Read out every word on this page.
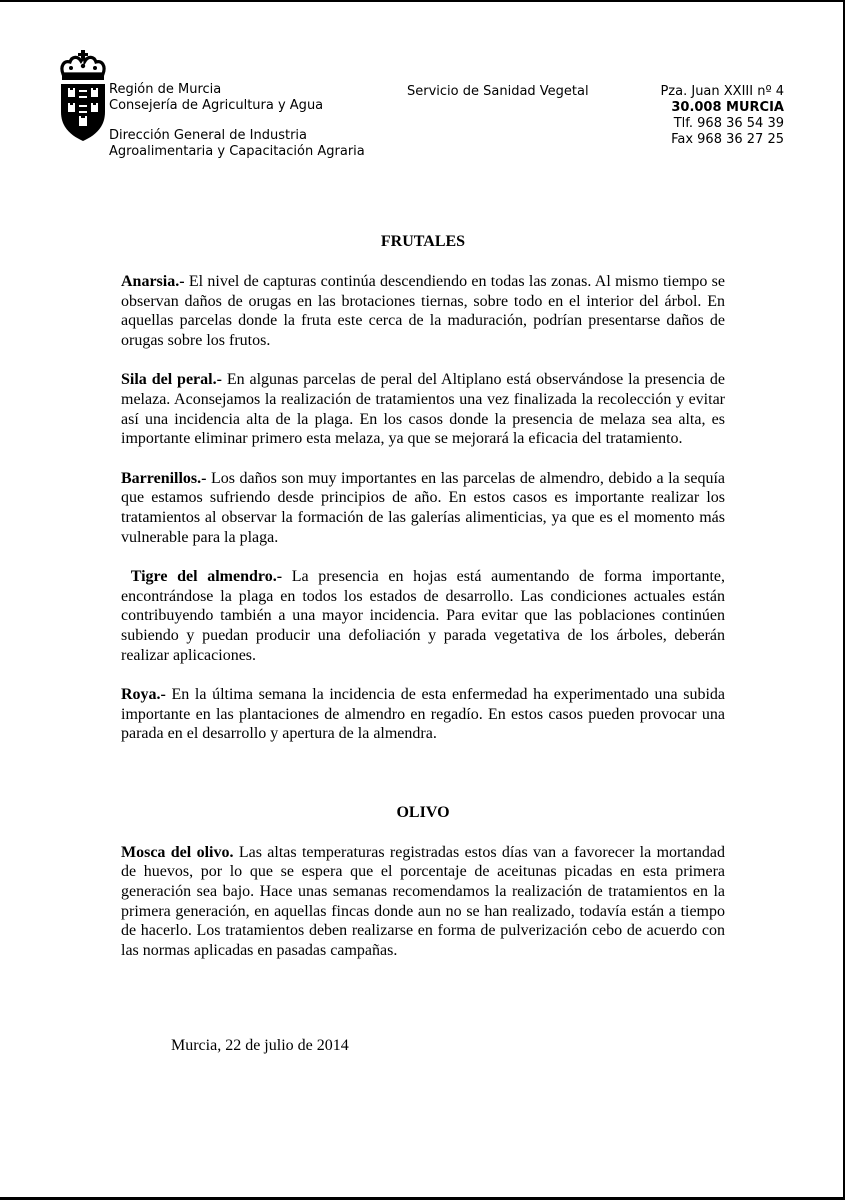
Región de Murcia
Consejería de Agricultura y Agua
Dirección General de Industria
Agroalimentaria y Capacitación Agraria
Servicio de Sanidad Vegetal	Pza. Juan XXIII nº 4
30.008 MURCIA
Tlf. 968 36 54 39
Fax 968 36 27 25

FRUTALES

Anarsia.- El nivel de capturas continúa descendiendo en todas las zonas. Al mismo tiempo se observan daños de orugas en las brotaciones tiernas, sobre todo en el interior del árbol. En aquellas parcelas donde la fruta este cerca de la maduración, podrían presentarse daños de orugas sobre los frutos.

Sila del peral.- En algunas parcelas de peral del Altiplano está observándose la presencia de melaza. Aconsejamos la realización de tratamientos una vez finalizada la recolección y evitar así una incidencia alta de la plaga. En los casos donde la presencia de melaza sea alta, es importante eliminar primero esta melaza, ya que se mejorará la eficacia del tratamiento.

Barrenillos.- Los daños son muy importantes en las parcelas de almendro, debido a la sequía que estamos sufriendo desde principios de año. En estos casos es importante realizar los tratamientos al observar la formación de las galerías alimenticias, ya que es el momento más vulnerable para la plaga.

Tigre del almendro.- La presencia en hojas está aumentando de forma importante, encontrándose la plaga en todos los estados de desarrollo. Las condiciones actuales están contribuyendo también a una mayor incidencia. Para evitar que las poblaciones continúen subiendo y puedan producir una defoliación y parada vegetativa de los árboles, deberán realizar aplicaciones.

Roya.- En la última semana la incidencia de esta enfermedad ha experimentado una subida importante en las plantaciones de almendro en regadío. En estos casos pueden provocar una parada en el desarrollo y apertura de la almendra.

OLIVO

Mosca del olivo. Las altas temperaturas registradas estos días van a favorecer la mortandad de huevos, por lo que se espera que el porcentaje de aceitunas picadas en esta primera generación sea bajo. Hace unas semanas recomendamos la realización de tratamientos en la primera generación, en aquellas fincas donde aun no se han realizado, todavía están a tiempo de hacerlo. Los tratamientos deben realizarse en forma de pulverización cebo de acuerdo con las normas aplicadas en pasadas campañas.

Murcia, 22 de julio de 2014
